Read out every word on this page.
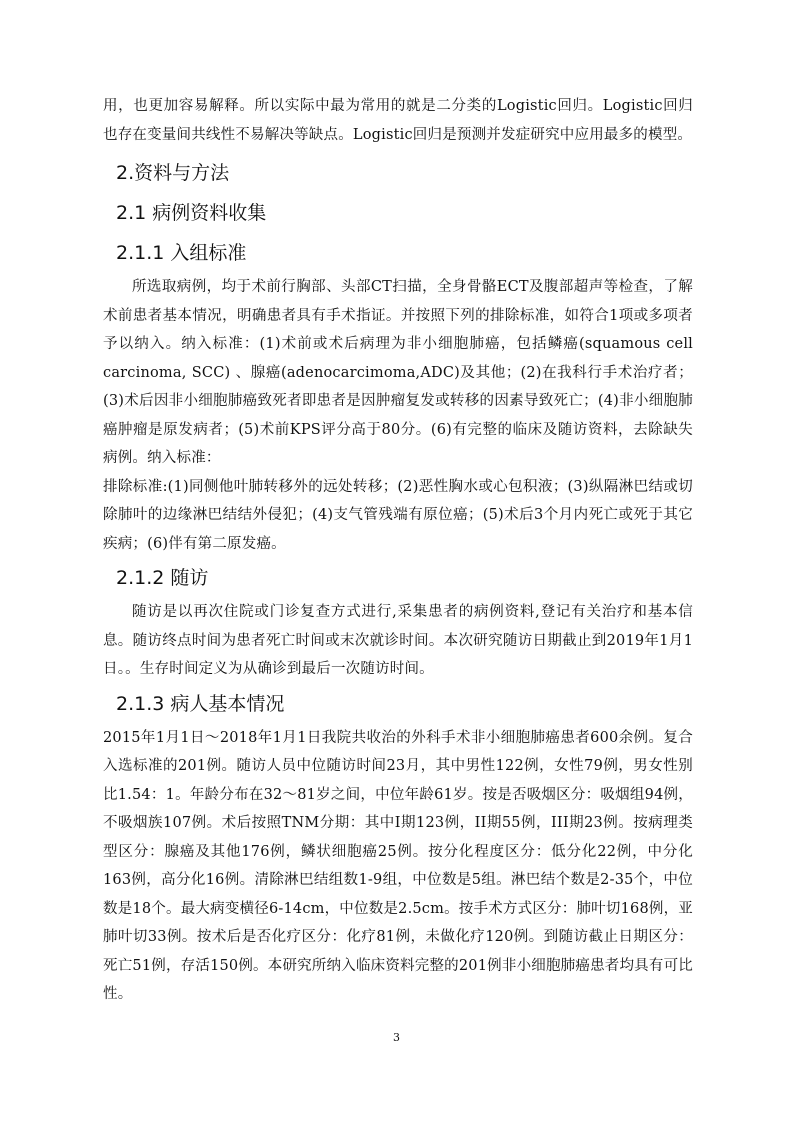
用，也更加容易解释。所以实际中最为常用的就是二分类的Logistic回归。Logistic回归也存在变量间共线性不易解决等缺点。Logistic回归是预测并发症研究中应用最多的模型。

2.资料与方法
2.1 病例资料收集
2.1.1 入组标准

所选取病例，均于术前行胸部、头部CT扫描，全身骨骼ECT及腹部超声等检查，了解术前患者基本情况，明确患者具有手术指证。并按照下列的排除标准，如符合1项或多项者予以纳入。纳入标准：(1)术前或术后病理为非小细胞肺癌，包括鳞癌(squamous cell carcinoma, SCC) 、腺癌(adenocarcimoma,ADC)及其他；(2)在我科行手术治疗者；(3)术后因非小细胞肺癌致死者即患者是因肿瘤复发或转移的因素导致死亡；(4)非小细胞肺癌肿瘤是原发病者；(5)术前KPS评分高于80分。(6)有完整的临床及随访资料，去除缺失病例。纳入标准：

排除标准:(1)同侧他叶肺转移外的远处转移；(2)恶性胸水或心包积液；(3)纵隔淋巴结或切除肺叶的边缘淋巴结结外侵犯；(4)支气管残端有原位癌；(5)术后3个月内死亡或死于其它疾病；(6)伴有第二原发癌。

2.1.2 随访

随访是以再次住院或门诊复查方式进行,采集患者的病例资料,登记有关治疗和基本信息。随访终点时间为患者死亡时间或末次就诊时间。本次研究随访日期截止到2019年1月1日。。生存时间定义为从确诊到最后一次随访时间。

2.1.3 病人基本情况

2015年1月1日～2018年1月1日我院共收治的外科手术非小细胞肺癌患者600余例。复合入选标准的201例。随访人员中位随访时间23月，其中男性122例，女性79例，男女性别比1.54：1。年龄分布在32～81岁之间，中位年龄61岁。按是否吸烟区分：吸烟组94例，不吸烟族107例。术后按照TNM分期：其中I期123例，II期55例，III期23例。按病理类型区分：腺癌及其他176例，鳞状细胞癌25例。按分化程度区分：低分化22例，中分化163例，高分化16例。清除淋巴结组数1-9组，中位数是5组。淋巴结个数是2-35个，中位数是18个。最大病变横径6-14cm，中位数是2.5cm。按手术方式区分：肺叶切168例，亚肺叶切33例。按术后是否化疗区分：化疗81例，未做化疗120例。到随访截止日期区分：死亡51例，存活150例。本研究所纳入临床资料完整的201例非小细胞肺癌患者均具有可比性。

3
